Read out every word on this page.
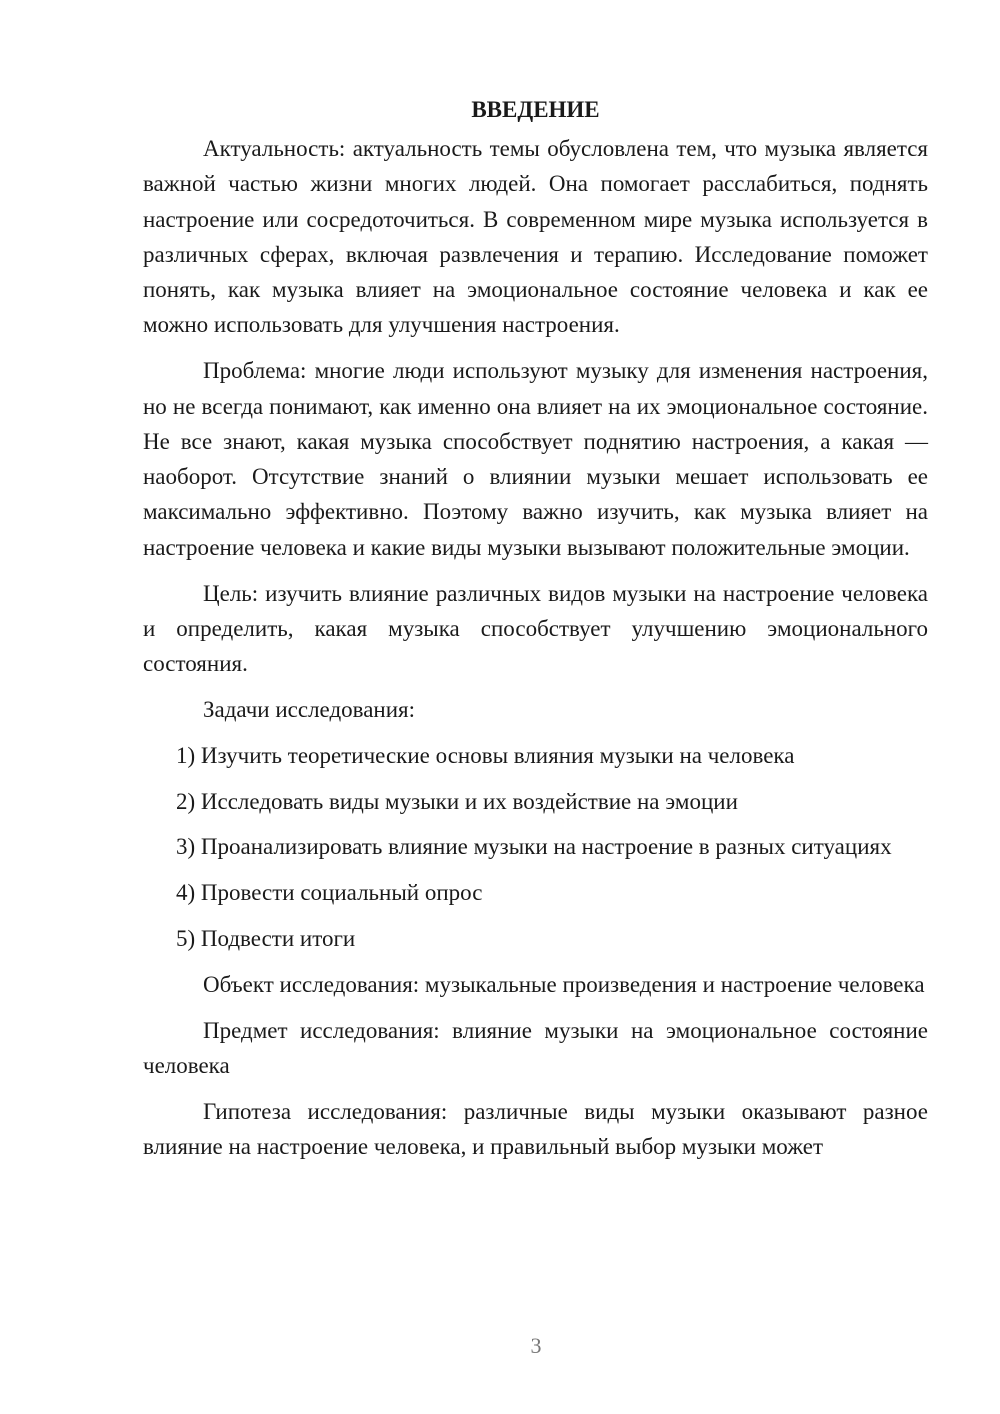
ВВЕДЕНИЕ

Актуальность: актуальность темы обусловлена тем, что музыка является важной частью жизни многих людей. Она помогает расслабиться, поднять настроение или сосредоточиться. В современном мире музыка используется в различных сферах, включая развлечения и терапию. Исследование поможет понять, как музыка влияет на эмоциональное состояние человека и как ее можно использовать для улучшения настроения.

Проблема: многие люди используют музыку для изменения настроения, но не всегда понимают, как именно она влияет на их эмоциональное состояние. Не все знают, какая музыка способствует поднятию настроения, а какая — наоборот. Отсутствие знаний о влиянии музыки мешает использовать ее максимально эффективно. Поэтому важно изучить, как музыка влияет на настроение человека и какие виды музыки вызывают положительные эмоции.

Цель: изучить влияние различных видов музыки на настроение человека и определить, какая музыка способствует улучшению эмоционального состояния.

Задачи исследования:

1) Изучить теоретические основы влияния музыки на человека

2) Исследовать виды музыки и их воздействие на эмоции

3) Проанализировать влияние музыки на настроение в разных ситуациях

4) Провести социальный опрос

5) Подвести итоги

Объект исследования: музыкальные произведения и настроение человека

Предмет исследования: влияние музыки на эмоциональное состояние человека

Гипотеза исследования: различные виды музыки оказывают разное влияние на настроение человека, и правильный выбор музыки может

3
